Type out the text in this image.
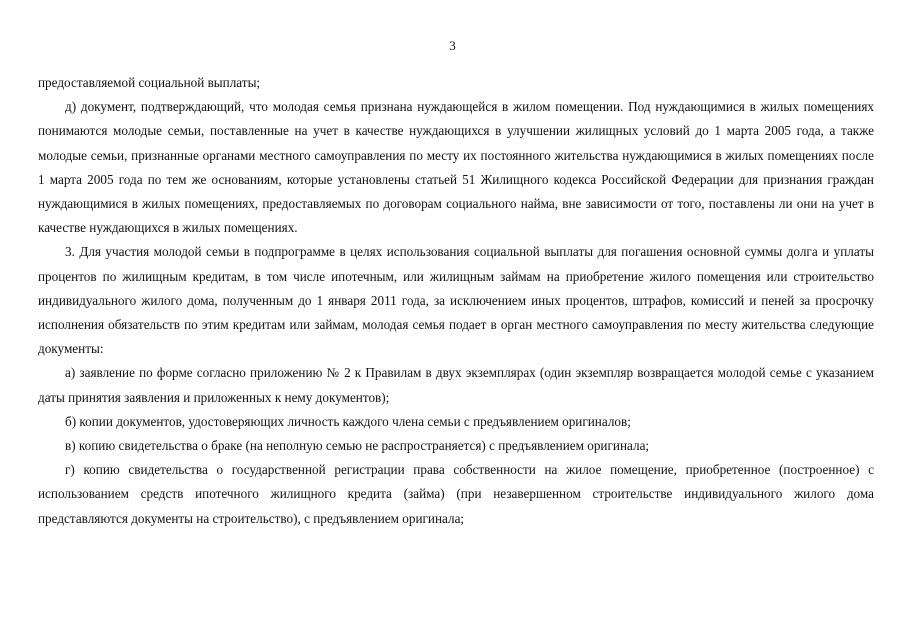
3

предоставляемой социальной выплаты;

д) документ, подтверждающий, что молодая семья признана нуждающейся в жилом помещении. Под нуждающимися в жилых помещениях понимаются молодые семьи, поставленные на учет в качестве нуждающихся в улучшении жилищных условий до 1 марта 2005 года, а также молодые семьи, признанные органами местного самоуправления по месту их постоянного жительства нуждающимися в жилых помещениях после 1 марта 2005 года по тем же основаниям, которые установлены статьей 51 Жилищного кодекса Российской Федерации для признания граждан нуждающимися в жилых помещениях, предоставляемых по договорам социального найма, вне зависимости от того, поставлены ли они на учет в качестве нуждающихся в жилых помещениях.

3. Для участия молодой семьи в подпрограмме в целях использования социальной выплаты для погашения основной суммы долга и уплаты процентов по жилищным кредитам, в том числе ипотечным, или жилищным займам на приобретение жилого помещения или строительство индивидуального жилого дома, полученным до 1 января 2011 года, за исключением иных процентов, штрафов, комиссий и пеней за просрочку исполнения обязательств по этим кредитам или займам, молодая семья подает в орган местного самоуправления по месту жительства следующие документы:

а) заявление по форме согласно приложению № 2 к Правилам в двух экземплярах (один экземпляр возвращается молодой семье с указанием даты принятия заявления и приложенных к нему документов);

б) копии документов, удостоверяющих личность каждого члена семьи с предъявлением оригиналов;

в) копию свидетельства о браке (на неполную семью не распространяется) с предъявлением оригинала;

г) копию свидетельства о государственной регистрации права собственности на жилое помещение, приобретенное (построенное) с использованием средств ипотечного жилищного кредита (займа) (при незавершенном строительстве индивидуального жилого дома представляются документы на строительство), с предъявлением оригинала;
